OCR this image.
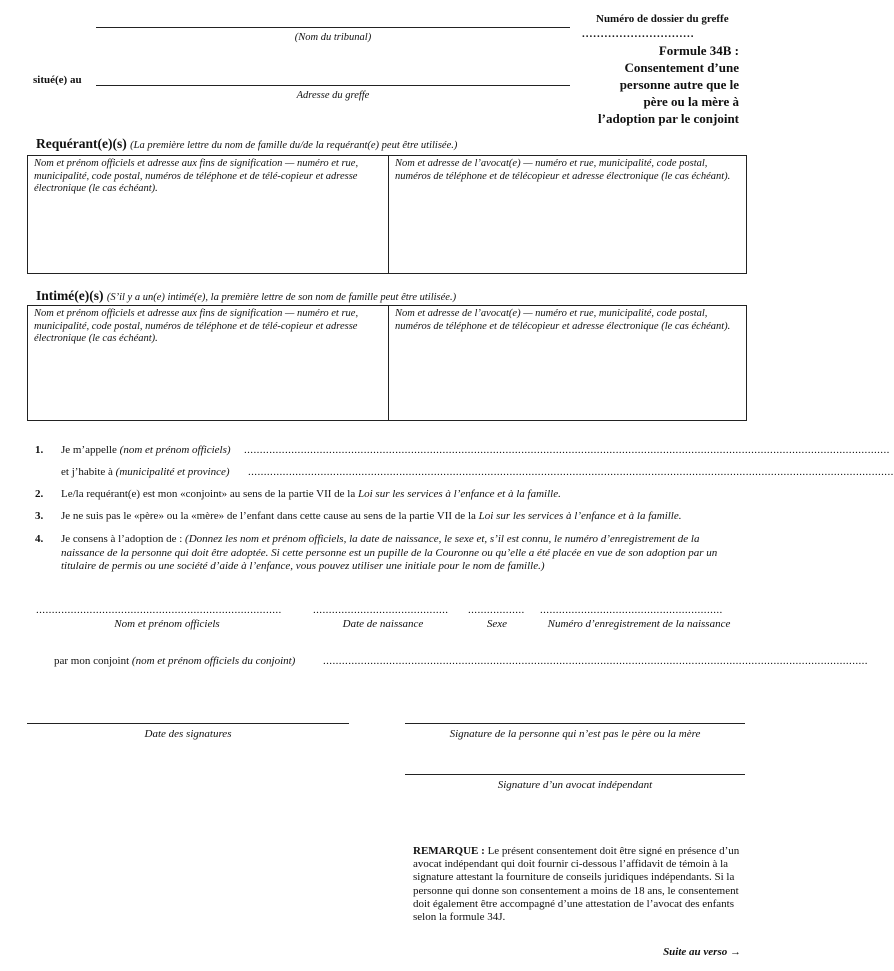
(Nom du tribunal)
situé(e) au
Adresse du greffe
Numéro de dossier du greffe
..............................
Formule 34B :
Consentement d’une
personne autre que le
père ou la mère à
l’adoption par le conjoint
Requérant(e)(s) (La première lettre du nom de famille du/de la requérant(e) peut être utilisée.)
Nom et prénom officiels et adresse aux fins de signification — numéro et rue, municipalité, code postal, numéros de téléphone et de télé-copieur et adresse électronique (le cas échéant).
Nom et adresse de l’avocat(e) — numéro et rue, municipalité, code postal, numéros de téléphone et de télécopieur et adresse électronique (le cas échéant).
Intimé(e)(s) (S’il y a un(e) intimé(e), la première lettre de son nom de famille peut être utilisée.)
Nom et prénom officiels et adresse aux fins de signification — numéro et rue, municipalité, code postal, numéros de téléphone et de télé-copieur et adresse électronique (le cas échéant).
Nom et adresse de l’avocat(e) — numéro et rue, municipalité, code postal, numéros de téléphone et de télécopieur et adresse électronique (le cas échéant).
1. Je m’appelle (nom et prénom officiels) .............................................................................................................................................................................................................
et j’habite à (municipalité et province) .............................................................................................................................................................................................................
2. Le/la requérant(e) est mon «conjoint» au sens de la partie VII de la Loi sur les services à l’enfance et à la famille.
3. Je ne suis pas le «père» ou la «mère» de l’enfant dans cette cause au sens de la partie VII de la Loi sur les services à l’enfance et à la famille.
4. Je consens à l’adoption de : (Donnez les nom et prénom officiels, la date de naissance, le sexe et, s’il est connu, le numéro d’enregistrement de la naissance de la personne qui doit être adoptée. Si cette personne est un pupille de la Couronne ou qu’elle a été placée en vue de son adoption par un titulaire de permis ou une société d’aide à l’enfance, vous pouvez utiliser une initiale pour le nom de famille.)
..............................................................................	...........................................	.................. ..........................................................
Nom et prénom officiels	Date de naissance	Sexe	Numéro d’enregistrement de la naissance
par mon conjoint (nom et prénom officiels du conjoint)	.............................................................................................................................................................................
Date des signatures	Signature de la personne qui n’est pas le père ou la mère
Signature d’un avocat indépendant
REMARQUE : Le présent consentement doit être signé en présence d’un avocat indépendant qui doit fournir ci-dessous l’affidavit de témoin à la signature attestant la fourniture de conseils juridiques indépendants. Si la personne qui donne son consentement a moins de 18 ans, le consentement doit également être accompagné d’une attestation de l’avocat des enfants selon la formule 34J.
Suite au verso →
